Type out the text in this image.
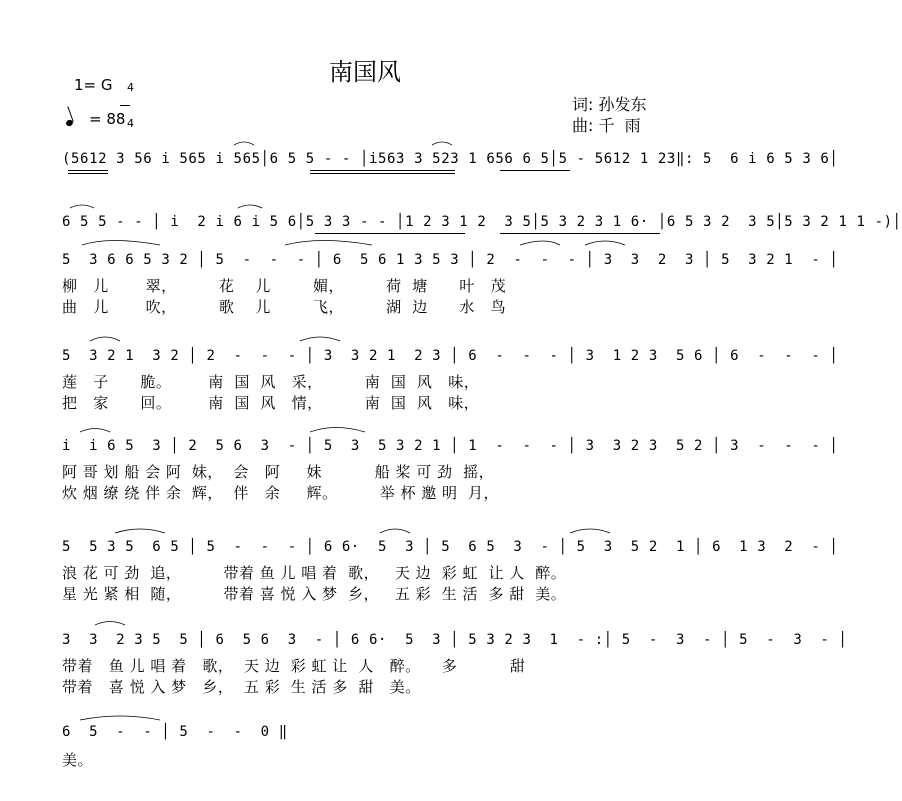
南国风
1= G	4

4

= 88
词: 孙发东
曲: 千  雨
(5612 3 56 i 565 i 565│6 5 5 - - │i563 3 523 1 656 6 5│5 - 5612 1 23‖: 5  6 i 6 5 3 6│
6 5 5 - - │ i  2 i 6 i 5 6│5 3 3 - - │1 2 3 1 2  3 5│5 3 2 3 1 6· │6 5 3 2  3 5│5 3 2 1 1 -)│
5  3 6 6 5 3 2 │ 5  -  -  - │ 6  5 6 1 3 5 3 │ 2  -  -  - │ 3  3  2  3 │ 5  3 2 1  - │
柳   儿       翠，        花    儿        媚，        荷  塘      叶   茂
曲   儿       吹，        歌    儿        飞，        湖  边      水   鸟
5  3 2 1  3 2 │ 2  -  -  - │ 3  3 2 1  2 3 │ 6  -  -  - │ 3  1 2 3  5 6 │ 6  -  -  - │
莲   子      脆。       南  国  风   采，        南  国  风   味，
把   家      回。       南  国  风   情，        南  国  风   味，
i  i 6 5  3 │ 2  5 6  3  - │ 5  3  5 3 2 1 │ 1  -  -  - │ 3  3 2 3  5 2 │ 3  -  -  - │
阿 哥 划 船 会 阿  妹，  会   阿     妹          船 桨 可 劲  摇，
炊 烟 缭 绕 伴 余  辉，  伴   余     辉。        举 杯 邀 明  月，
5  5 3 5  6 5 │ 5  -  -  - │ 6 6·  5  3 │ 5  6 5  3  - │ 5  3  5 2  1 │ 6  1 3  2  - │
浪 花 可 劲  追，        带着 鱼 儿 唱 着  歌，   天 边  彩 虹  让 人  醉。
星 光 紧 相  随，        带着 喜 悦 入 梦  乡，   五 彩  生 活  多 甜  美。
3  3  2 3 5  5 │ 6  5 6  3  - │ 6 6·  5  3 │ 5 3 2 3  1  - :│ 5  -  3  - │ 5  -  3  - │
带着   鱼 儿 唱 着   歌，  天 边  彩 虹 让  人   醉。    多          甜
带着   喜 悦 入 梦   乡，  五 彩  生 活 多  甜   美。
6  5  -  - │ 5  -  -  0 ‖
美。
